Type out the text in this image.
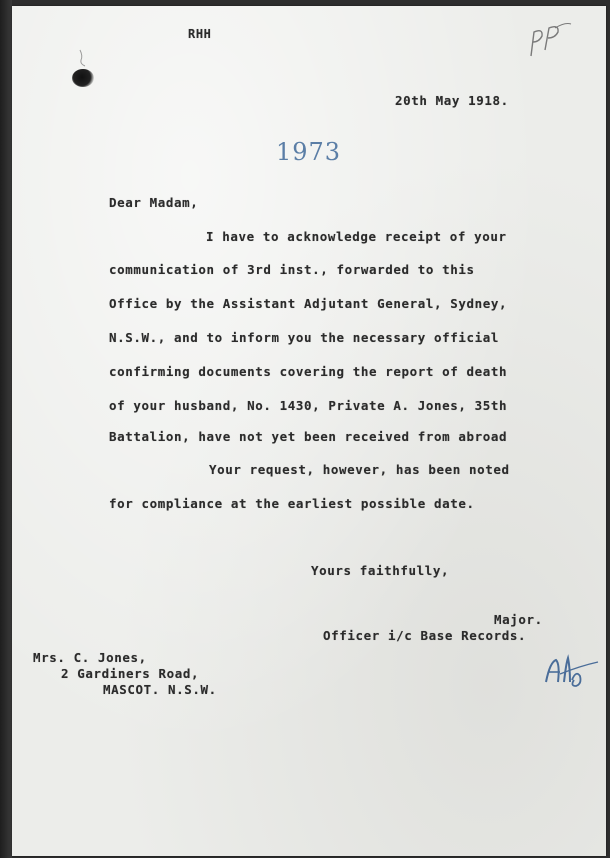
RHH
20th May 1918.
1973
Dear Madam,
I have to acknowledge receipt of your
communication of 3rd inst., forwarded to this
Office by the Assistant Adjutant General, Sydney,
N.S.W., and to inform you the necessary official
confirming documents covering the report of death
of your husband, No. 1430, Private A. Jones, 35th
Battalion, have not yet been received from abroad
Your request, however, has been noted
for compliance at the earliest possible date.
Yours faithfully,
Major.
Officer i/c Base Records.
Mrs. C. Jones,
2 Gardiners Road,
MASCOT. N.S.W.
